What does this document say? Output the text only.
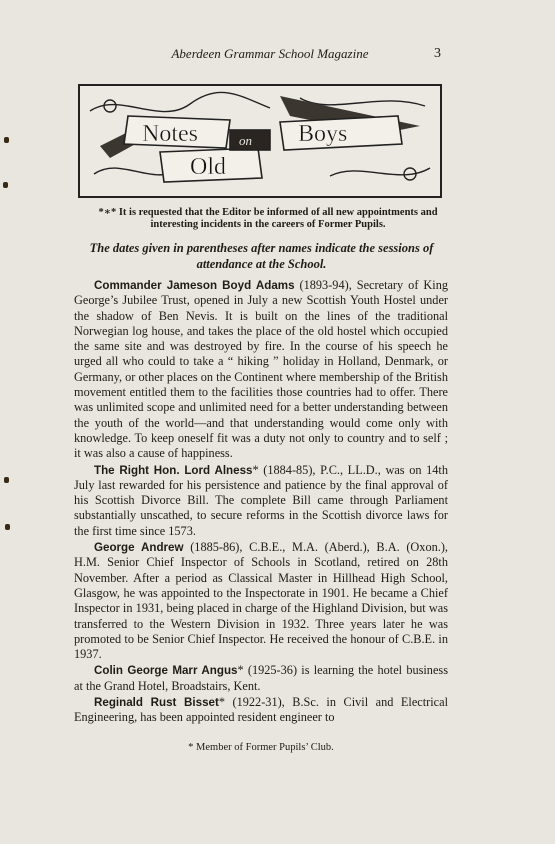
Aberdeen Grammar School Magazine	3
Notes	Boys
Old
on
*∗* It is requested that the Editor be informed of all new appointments and interesting incidents in the careers of Former Pupils.
The dates given in parentheses after names indicate the sessions of attendance at the School.

Commander Jameson Boyd Adams (1893-94), Secretary of King George’s Jubilee Trust, opened in July a new Scottish Youth Hostel under the shadow of Ben Nevis. It is built on the lines of the traditional Norwegian log house, and takes the place of the old hostel which occupied the same site and was destroyed by fire. In the course of his speech he urged all who could to take a “ hiking ” holiday in Holland, Denmark, or Germany, or other places on the Continent where membership of the British movement entitled them to the facilities those countries had to offer. There was unlimited scope and unlimited need for a better understanding between the youth of the world—and that understanding would come only with knowledge. To keep oneself fit was a duty not only to country and to self ; it was also a cause of happiness.

The Right Hon. Lord Alness* (1884-85), P.C., LL.D., was on 14th July last rewarded for his persistence and patience by the final approval of his Scottish Divorce Bill. The complete Bill came through Parliament substantially unscathed, to secure reforms in the Scottish divorce laws for the first time since 1573.

George Andrew (1885-86), C.B.E., M.A. (Aberd.), B.A. (Oxon.), H.M. Senior Chief Inspector of Schools in Scotland, retired on 28th November. After a period as Classical Master in Hillhead High School, Glasgow, he was appointed to the Inspectorate in 1901. He became a Chief Inspector in 1931, being placed in charge of the Highland Division, but was transferred to the Western Division in 1932. Three years later he was promoted to be Senior Chief Inspector. He received the honour of C.B.E. in 1937.

Colin George Marr Angus* (1925-36) is learning the hotel business at the Grand Hotel, Broadstairs, Kent.

Reginald Rust Bisset* (1922-31), B.Sc. in Civil and Electrical Engineering, has been appointed resident engineer to

* Member of Former Pupils’ Club.
